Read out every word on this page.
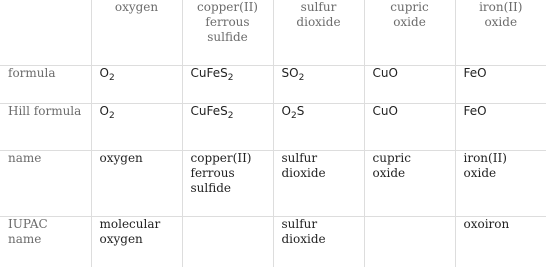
	oxygen	copper(II) ferrous sulfide	sulfur dioxide	cupric oxide	iron(II) oxide
formula	$O_2$	CuFeS$_2$	$SO_2$	CuO	FeO
Hill formula	$O_2$	CuFeS$_2$	$O_2S$	CuO	FeO
name	oxygen	copper(II) ferrous sulfide	sulfur dioxide	cupric oxide	iron(II) oxide
IUPAC name	molecular oxygen		sulfur dioxide		oxoiron
